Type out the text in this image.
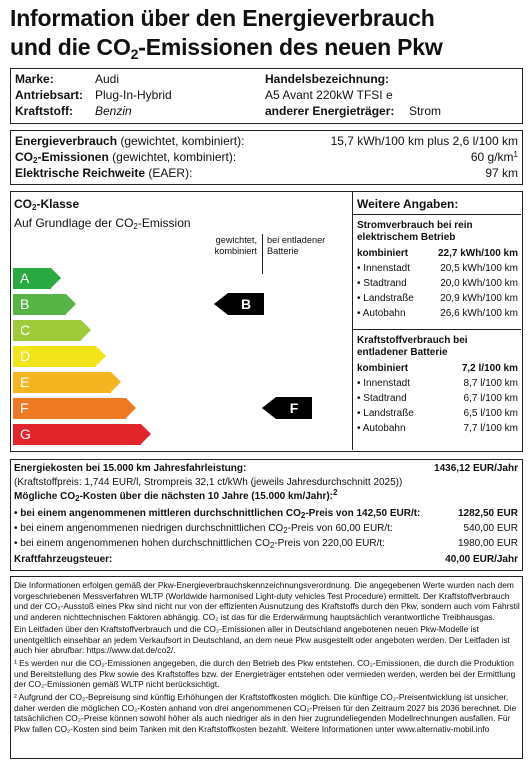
Information über den Energieverbrauch
und die $CO_2$-Emissionen des neuen Pkw
Marke:	Audi
Antriebsart: Plug-In-Hybrid
Kraftstoff: Benzin
Handelsbezeichnung:
A5 Avant 220kW TFSI e
anderer Energieträger: Strom
Energieverbrauch (gewichtet, kombiniert):	15,7 kWh/100 km plus 2,6 l/100 km
$CO_2$-Emissionen (gewichtet, kombiniert):	60 $g/km^1$
Elektrische Reichweite (EAER):	97 km
$CO_2$-Klasse
Auf Grundlage der $CO_2$-Emission
gewichtet,
kombiniert
bei entladener
Batterie
A
B
C
D
E
F
G
B
F
Weitere Angaben:
Stromverbrauch bei rein
elektrischem Betrieb
kombiniert	22,7 kWh/100 km
• Innenstadt	20,5 kWh/100 km
• Stadtrand	20,0 kWh/100 km
• Landstraße	20,9 kWh/100 km
• Autobahn	26,6 kWh/100 km
Kraftstoffverbrauch bei
entladener Batterie
kombiniert	7,2 l/100 km
• Innenstadt	8,7 l/100 km
• Stadtrand	6,7 l/100 km
• Landstraße	6,5 l/100 km
• Autobahn	7,7 l/100 km
Energiekosten bei 15.000 km Jahresfahrleistung:	1436,12 EUR/Jahr
(Kraftstoffpreis: 1,744 EUR/l, Strompreis 32,1 ct/kWh (jeweils Jahresdurchschnitt 2025))
Mögliche $CO_2$-Kosten über die nächsten 10 Jahre (15.000 km/Jahr):$^2$
• bei einem angenommenen mittleren durchschnittlichen $CO_2$-Preis von 142,50 EUR/t:	1282,50 EUR
• bei einem angenommenen niedrigen durchschnittlichen $CO_2$-Preis von 60,00 EUR/t:	540,00 EUR
• bei einem angenommenen hohen durchschnittlichen $CO_2$-Preis von 220,00 EUR/t:	1980,00 EUR
Kraftfahrzeugsteuer:	40,00 EUR/Jahr
Die Informationen erfolgen gemäß der Pkw-Energieverbrauchskennzeichnungsverordnung. Die angegebenen Werte wurden nach dem vorgeschriebenen Messverfahren WLTP (Worldwide harmonised Light-duty vehicles Test Procedure) ermittelt. Der Kraftstoffverbrauch und der CO₂-Ausstoß eines Pkw sind nicht nur von der effizienten Ausnutzung des Kraftstoffs durch den Pkw, sondern auch vom Fahrstil und anderen nichttechnischen Faktoren abhängig. CO₂ ist das für die Erderwärmung hauptsächlich verantwortliche Treibhausgas.
Ein Leitfaden über den Kraftstoffverbrauch und die CO₂-Emissionen aller in Deutschland angebotenen neuen Pkw-Modelle ist unentgeltlich einsehbar an jedem Verkaufsort in Deutschland, an dem neue Pkw ausgestellt oder angeboten werden. Der Leitfaden ist auch hier abrufbar: https://www.dat.de/co2/.
¹ Es werden nur die CO₂-Emissionen angegeben, die durch den Betrieb des Pkw entstehen. CO₂-Emissionen, die durch die Produktion und Bereitstellung des Pkw sowie des Kraftstoffes bzw. der Energieträger entstehen oder vermieden werden, werden bei der Ermittlung der CO₂-Emissionen gemäß WLTP nicht berücksichtigt.
² Aufgrund der CO₂-Bepreisung sind künftig Erhöhungen der Kraftstoffkosten möglich. Die künftige CO₂-Preisentwicklung ist unsicher, daher werden die möglichen CO₂-Kosten anhand von drei angenommenen CO₂-Preisen für den Zeitraum 2027 bis 2036 berechnet. Die tatsächlichen CO₂-Preise können sowohl höher als auch niedriger als in den hier zugrundeliegenden Modellrechnungen ausfallen. Für Pkw fallen CO₂-Kosten sind beim Tanken mit den Kraftstoffkosten bezahlt. Weitere Informationen unter www.alternativ-mobil.info
